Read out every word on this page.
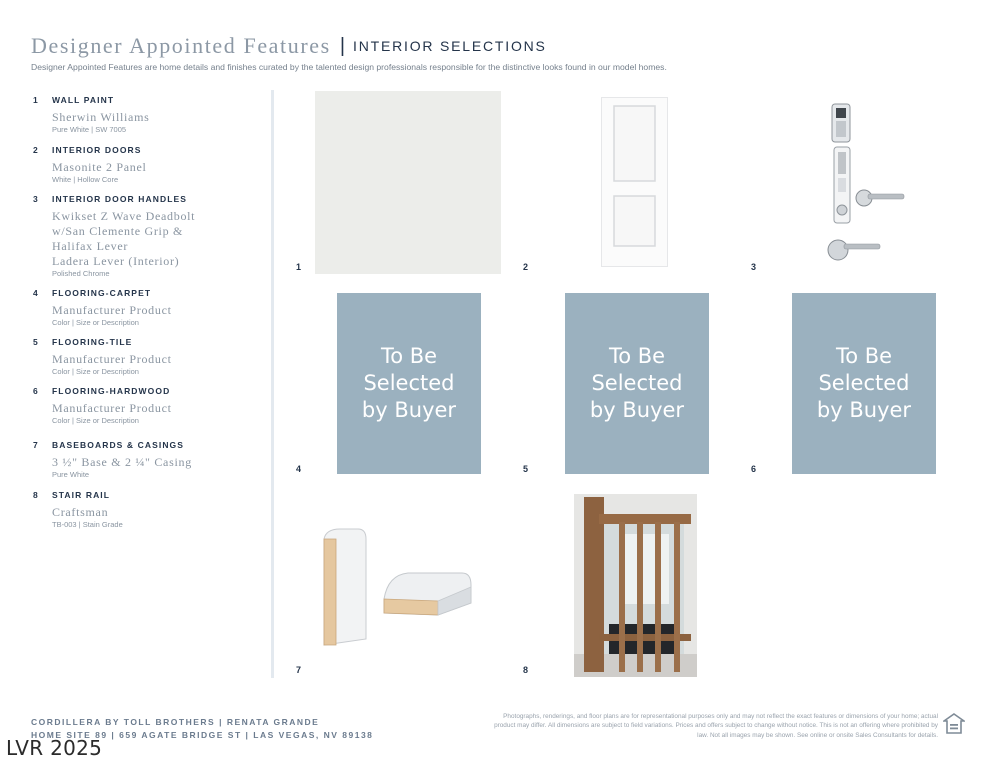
Designer Appointed Features | INTERIOR SELECTIONS
Designer Appointed Features are home details and finishes curated by the talented design professionals responsible for the distinctive looks found in our model homes.
1 WALL PAINT
Sherwin Williams
Pure White | SW 7005
2 INTERIOR DOORS
Masonite 2 Panel
White | Hollow Core
3 INTERIOR DOOR HANDLES
Kwikset Z Wave Deadbolt
w/San Clemente Grip &
Halifax Lever
Ladera Lever (Interior)
Polished Chrome
4 FLOORING-CARPET
Manufacturer Product
Color | Size or Description
5 FLOORING-TILE
Manufacturer Product
Color | Size or Description
6 FLOORING-HARDWOOD
Manufacturer Product
Color | Size or Description
7 BASEBOARDS & CASINGS
3 ½" Base & 2 ¼" Casing
Pure White
8 STAIR RAIL
Craftsman
TB-003 | Stain Grade
1	2	3
To Be
Selected
by Buyer
4
To Be
Selected
by Buyer
5
To Be
Selected
by Buyer
6
7	8
CORDILLERA BY TOLL BROTHERS | RENATA GRANDE
HOME SITE 89 | 659 AGATE BRIDGE ST | LAS VEGAS, NV 89138
Photographs, renderings, and floor plans are for representational purposes only and may not reflect the exact features or dimensions of your home; actual product may differ. All dimensions are subject to field variations. Prices and offers subject to change without notice. This is not an offering where prohibited by law. Not all images may be shown. See online or onsite Sales Consultants for details.
LVR 2025
